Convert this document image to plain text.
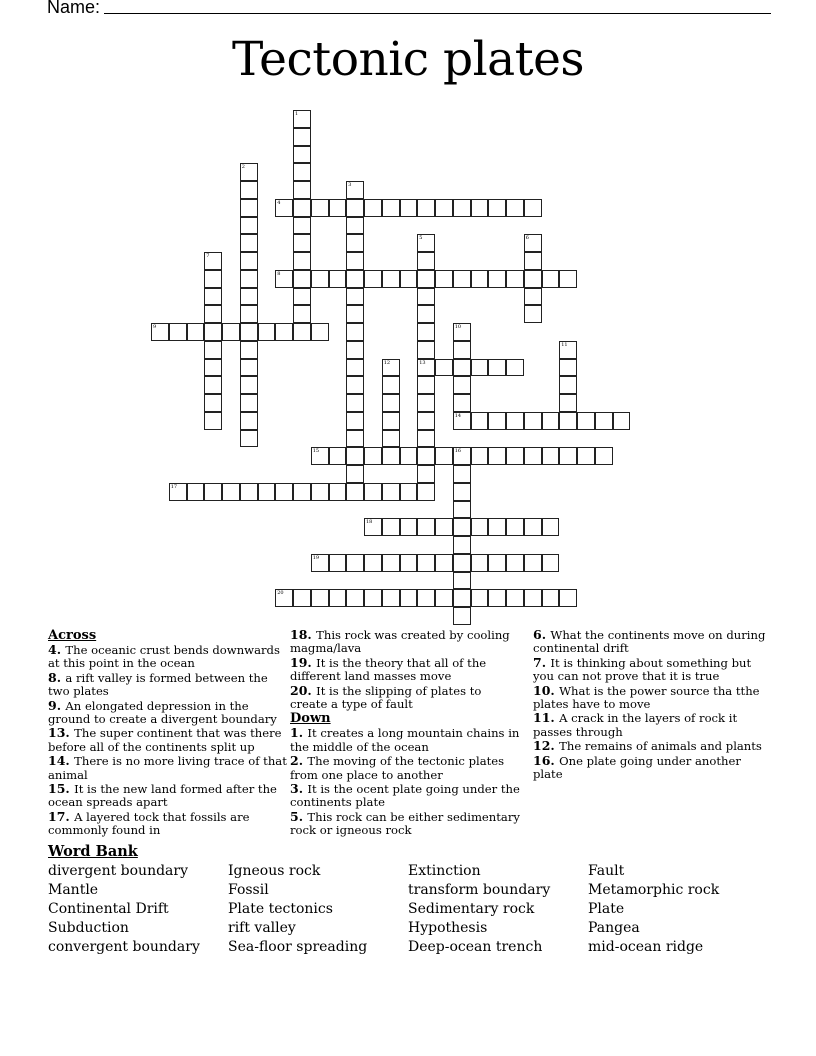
Name:
Tectonic plates
1
2
3
4
5
13
6
7
8
9	10
14
11
12
15	16
17
18
19
20
Across
4. The oceanic crust bends downwards at this point in the ocean
8. a rift valley is formed between the two plates
9. An elongated depression in the ground to create a divergent boundary
13. The super continent that was there before all of the continents split up
14. There is no more living trace of that animal
15. It is the new land formed after the ocean spreads apart
17. A layered tock that fossils are commonly found in
18. This rock was created by cooling magma/lava
19. It is the theory that all of the different land masses move
20. It is the slipping of plates to create a type of fault
Down
1. It creates a long mountain chains in the middle of the ocean
2. The moving of the tectonic plates from one place to another
3. It is the ocent plate going under the continents plate
5. This rock can be either sedimentary rock or igneous rock
6. What the continents move on during continental drift
7. It is thinking about something but you can not prove that it is true
10. What is the power source tha tthe plates have to move
11. A crack in the layers of rock it passes through
12. The remains of animals and plants
16. One plate going under another plate
Word Bank
divergent boundary	Igneous rock	Extinction	Fault
Mantle	Fossil	transform boundary	Metamorphic rock
Continental Drift	Plate tectonics	Sedimentary rock	Plate
Subduction	rift valley	Hypothesis	Pangea
convergent boundary	Sea-floor spreading	Deep-ocean trench	mid-ocean ridge
